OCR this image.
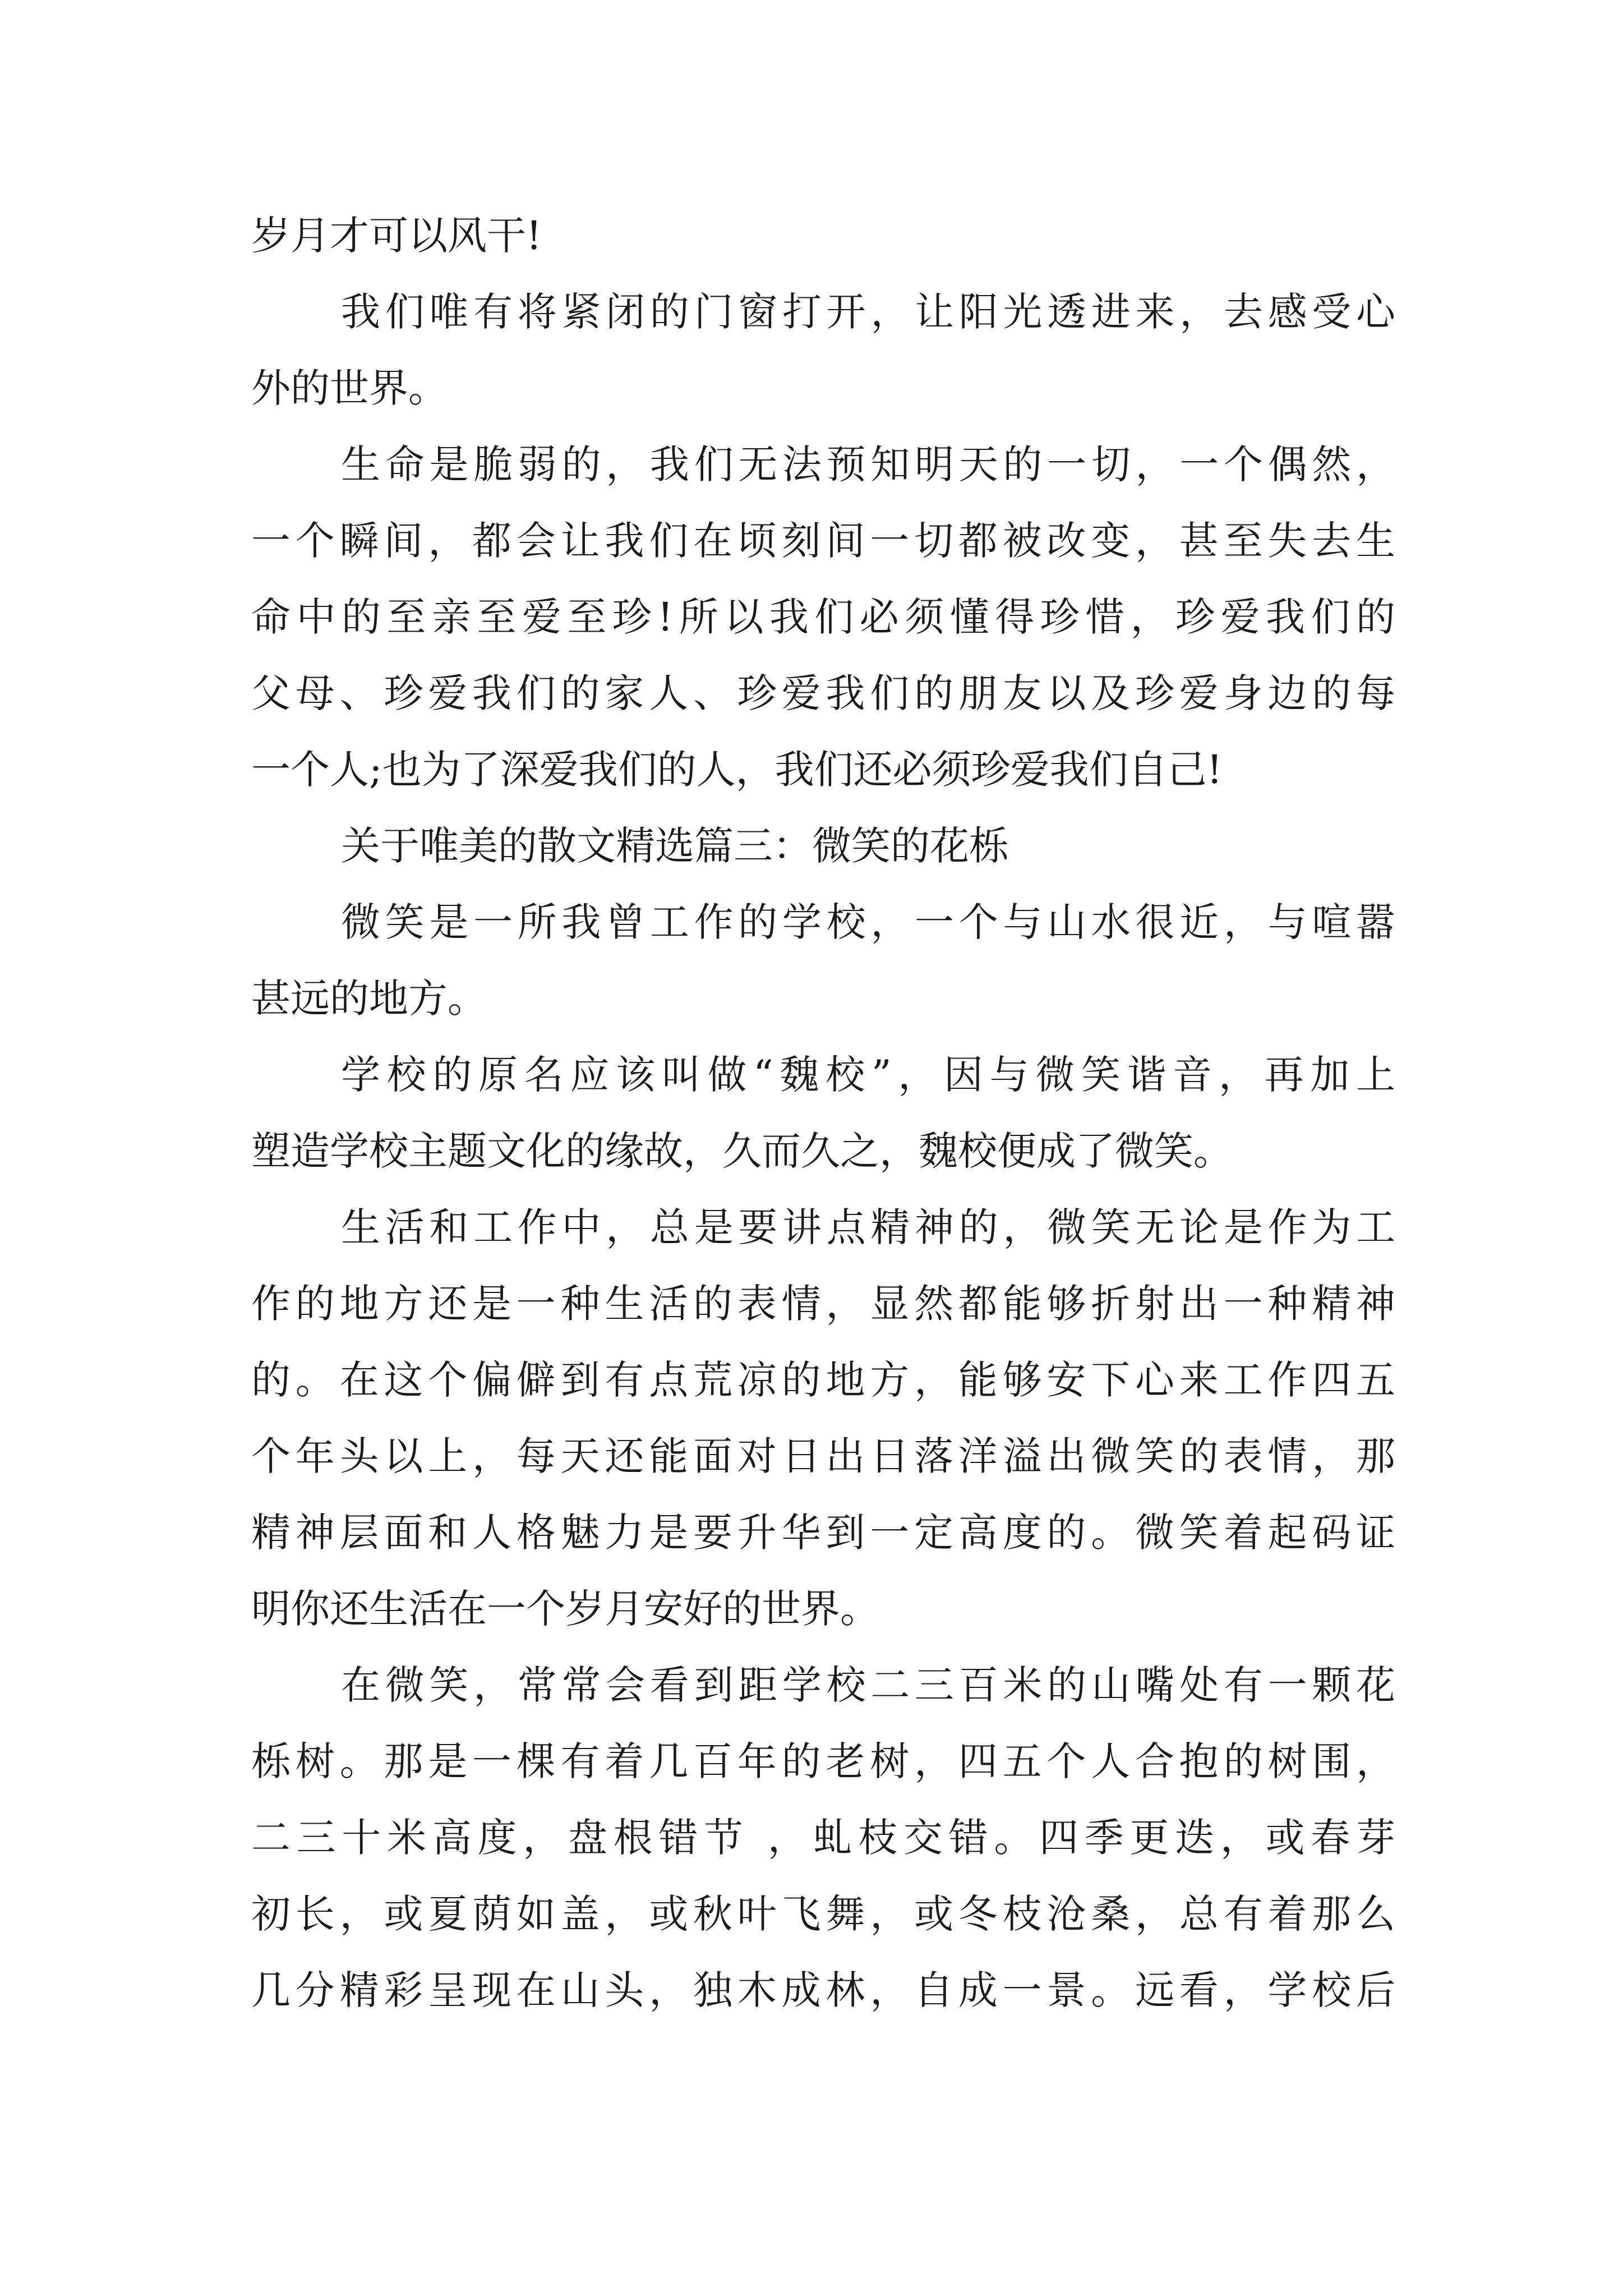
岁月才可以风干!
我们唯有将紧闭的门窗打开，让阳光透进来，去感受心
外的世界。
生命是脆弱的，我们无法预知明天的一切，一个偶然，
一个瞬间，都会让我们在顷刻间一切都被改变，甚至失去生
命中的至亲至爱至珍!所以我们必须懂得珍惜，珍爱我们的
父母、珍爱我们的家人、珍爱我们的朋友以及珍爱身边的每
一个人;也为了深爱我们的人，我们还必须珍爱我们自己!
关于唯美的散文精选篇三：微笑的花栎
微笑是一所我曾工作的学校，一个与山水很近，与喧嚣
甚远的地方。
学校的原名应该叫做“魏校”，因与微笑谐音，再加上
塑造学校主题文化的缘故，久而久之，魏校便成了微笑。
生活和工作中，总是要讲点精神的，微笑无论是作为工
作的地方还是一种生活的表情，显然都能够折射出一种精神
的。在这个偏僻到有点荒凉的地方，能够安下心来工作四五
个年头以上，每天还能面对日出日落洋溢出微笑的表情，那
精神层面和人格魅力是要升华到一定高度的。微笑着起码证
明你还生活在一个岁月安好的世界。
在微笑，常常会看到距学校二三百米的山嘴处有一颗花
栎树。那是一棵有着几百年的老树，四五个人合抱的树围，
二三十米高度，盘根错节 ，虬枝交错。四季更迭，或春芽
初长，或夏荫如盖，或秋叶飞舞，或冬枝沧桑，总有着那么
几分精彩呈现在山头，独木成林，自成一景。远看，学校后
